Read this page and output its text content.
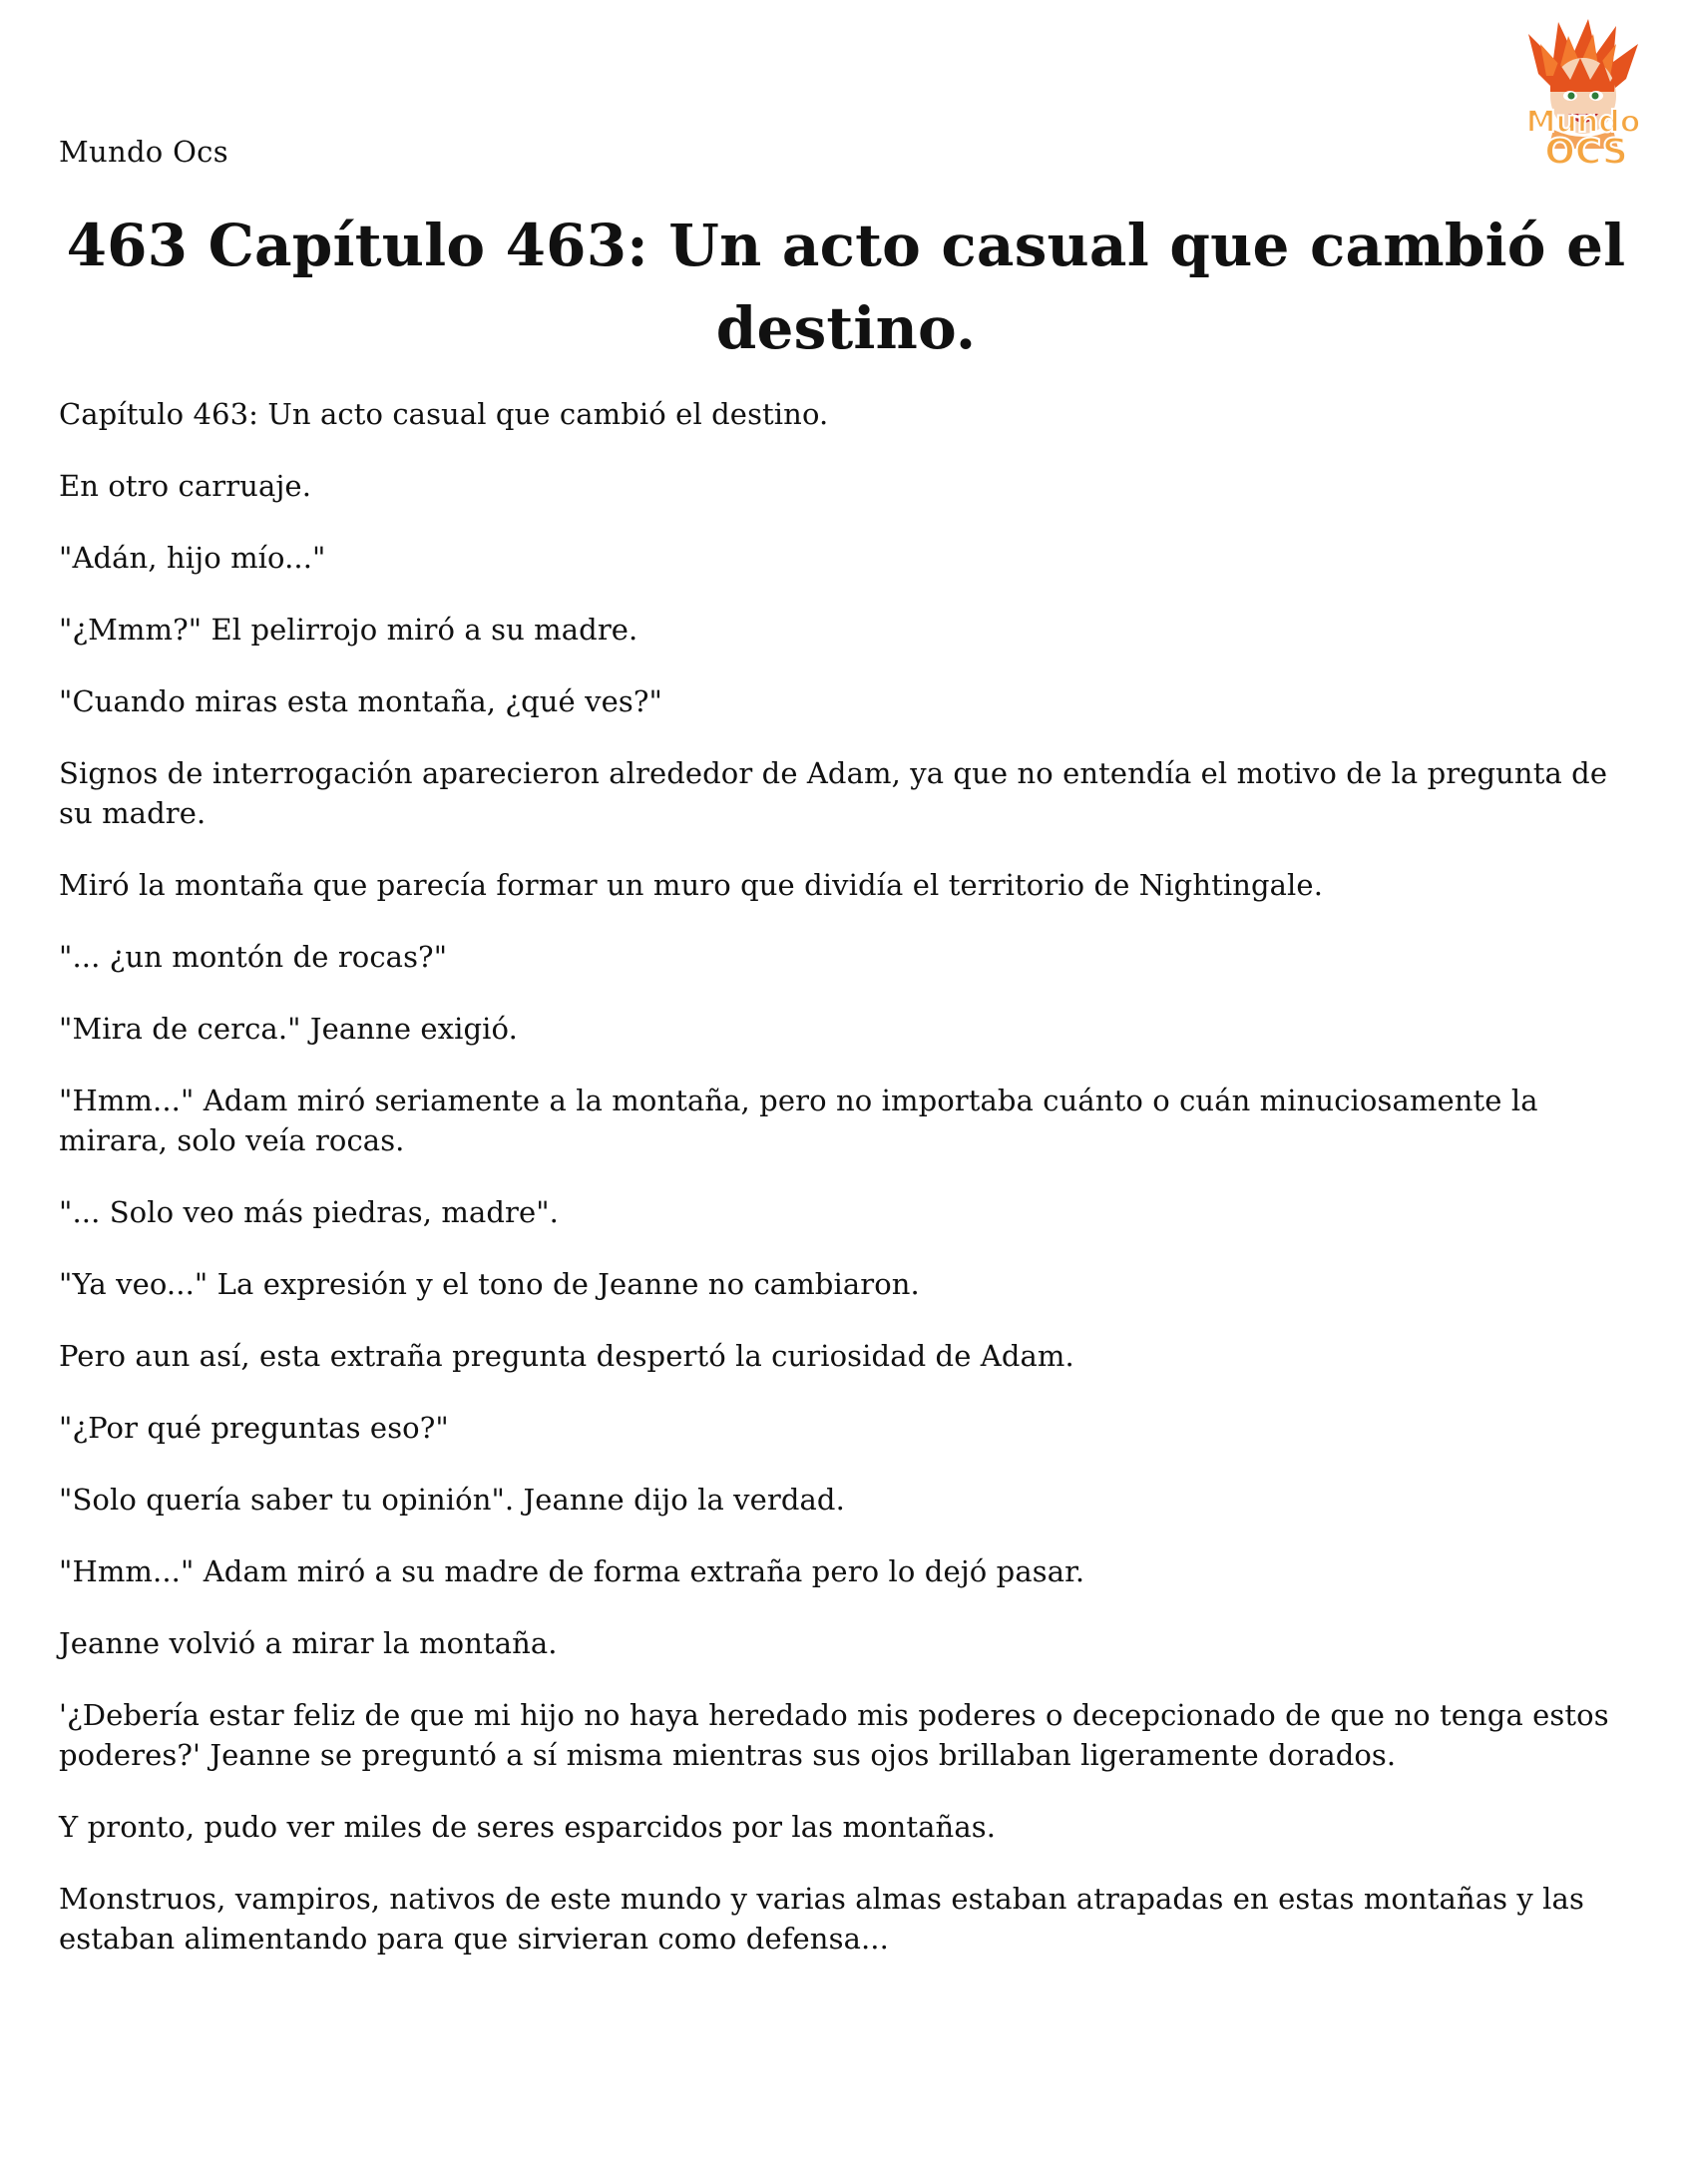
Mundo Ocs
Mundo
OCS
463 Capítulo 463: Un acto casual que cambió el destino.

Capítulo 463: Un acto casual que cambió el destino.

En otro carruaje.

"Adán, hijo mío..."

"¿Mmm?" El pelirrojo miró a su madre.

"Cuando miras esta montaña, ¿qué ves?"

Signos de interrogación aparecieron alrededor de Adam, ya que no entendía el motivo de la pregunta de su madre.

Miró la montaña que parecía formar un muro que dividía el territorio de Nightingale.

"... ¿un montón de rocas?"

"Mira de cerca." Jeanne exigió.

"Hmm..." Adam miró seriamente a la montaña, pero no importaba cuánto o cuán minuciosamente la mirara, solo veía rocas.

"... Solo veo más piedras, madre".

"Ya veo..." La expresión y el tono de Jeanne no cambiaron.

Pero aun así, esta extraña pregunta despertó la curiosidad de Adam.

"¿Por qué preguntas eso?"

"Solo quería saber tu opinión". Jeanne dijo la verdad.

"Hmm..." Adam miró a su madre de forma extraña pero lo dejó pasar.

Jeanne volvió a mirar la montaña.

'¿Debería estar feliz de que mi hijo no haya heredado mis poderes o decepcionado de que no tenga estos poderes?' Jeanne se preguntó a sí misma mientras sus ojos brillaban ligeramente dorados.

Y pronto, pudo ver miles de seres esparcidos por las montañas.

Monstruos, vampiros, nativos de este mundo y varias almas estaban atrapadas en estas montañas y las estaban alimentando para que sirvieran como defensa...
